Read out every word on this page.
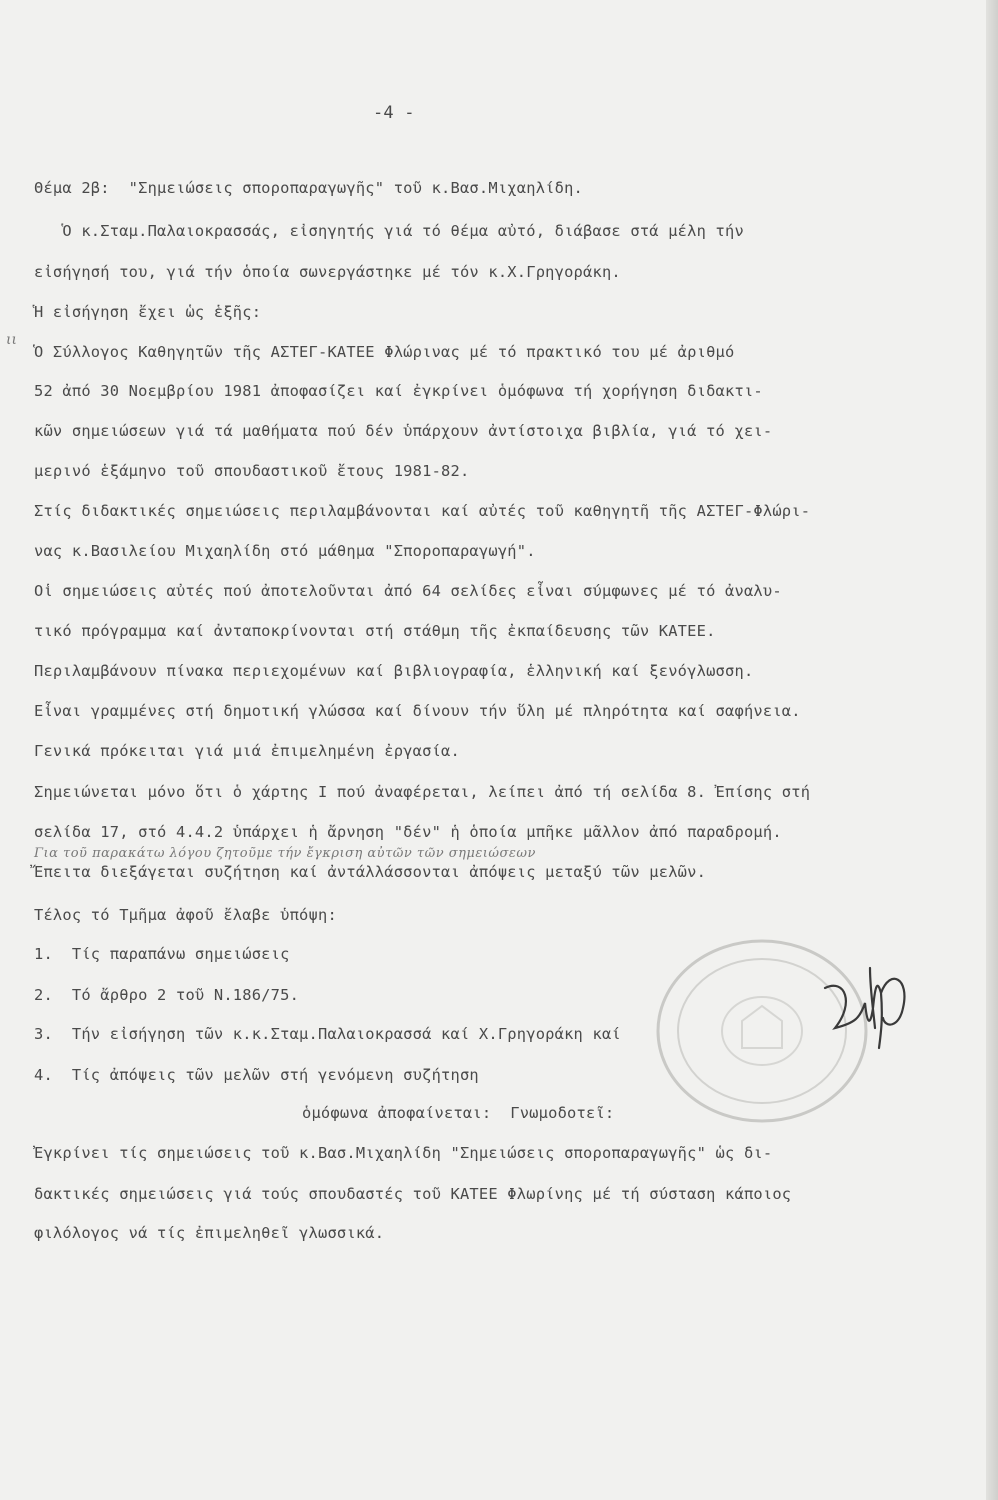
-4 -
ιι
Θέμα 2β:  "Σημειώσεις σποροπαραγωγῆς" τοῦ κ.Βασ.Μιχαηλίδη.
Ὁ κ.Σταμ.Παλαιοκρασσάς, εἰσηγητής γιά τό θέμα αὐτό, διάβασε στά μέλη τήν
εἰσήγησή του, γιά τήν ὁποία σωνεργάστηκε μέ τόν κ.Χ.Γρηγοράκη.
Ἡ εἰσήγηση ἔχει ὡς ἑξῆς:
Ὁ Σύλλογος Καθηγητῶν τῆς ΑΣΤΕΓ-ΚΑΤΕΕ Φλώρινας μέ τό πρακτικό του μέ ἀριθμό
52 ἀπό 30 Νοεμβρίου 1981 ἀποφασίζει καί ἐγκρίνει ὁμόφωνα τή χορήγηση διδακτι-
κῶν σημειώσεων γιά τά μαθήματα πού δέν ὑπάρχουν ἀντίστοιχα βιβλία, γιά τό χει-
μερινό ἑξάμηνο τοῦ σπουδαστικοῦ ἔτους 1981-82.
Στίς διδακτικές σημειώσεις περιλαμβάνονται καί αὐτές τοῦ καθηγητῆ τῆς ΑΣΤΕΓ-Φλώρι-
νας κ.Βασιλείου Μιχαηλίδη στό μάθημα "Σποροπαραγωγή".
Οἱ σημειώσεις αὐτές πού ἀποτελοῦνται ἀπό 64 σελίδες εἶναι σύμφωνες μέ τό ἀναλυ-
τικό πρόγραμμα καί ἀνταποκρίνονται στή στάθμη τῆς ἐκπαίδευσης τῶν ΚΑΤΕΕ.
Περιλαμβάνουν πίνακα περιεχομένων καί βιβλιογραφία, ἑλληνική καί ξενόγλωσση.
Εἶναι γραμμένες στή δημοτική γλώσσα καί δίνουν τήν ὕλη μέ πληρότητα καί σαφήνεια.
Γενικά πρόκειται γιά μιά ἐπιμελημένη ἐργασία.
Σημειώνεται μόνο ὅτι ὁ χάρτης Ι πού ἀναφέρεται, λείπει ἀπό τή σελίδα 8. Ἐπίσης στή
σελίδα 17, στό 4.4.2 ὑπάρχει ἡ ἄρνηση "δέν" ἡ ὁποία μπῆκε μᾶλλον ἀπό παραδρομή.
Για τοῦ παρακάτω λόγου ζητοῦμε τήν ἔγκριση αὐτῶν τῶν σημειώσεων
Ἔπειτα διεξάγεται συζήτηση καί ἀντάλλάσσονται ἀπόψεις μεταξύ τῶν μελῶν.
Τέλος τό Τμῆμα ἀφοῦ ἔλαβε ὑπόψη:
1.  Τίς παραπάνω σημειώσεις
2.  Τό ἄρθρο 2 τοῦ Ν.186/75.
3.  Τήν εἰσήγηση τῶν κ.κ.Σταμ.Παλαιοκρασσά καί Χ.Γρηγοράκη καί
4.  Τίς ἀπόψεις τῶν μελῶν στή γενόμενη συζήτηση
ὁμόφωνα ἀποφαίνεται:  Γνωμοδοτεῖ:
Ἐγκρίνει τίς σημειώσεις τοῦ κ.Βασ.Μιχαηλίδη "Σημειώσεις σποροπαραγωγῆς" ὡς δι-
δακτικές σημειώσεις γιά τούς σπουδαστές τοῦ ΚΑΤΕΕ Φλωρίνης μέ τή σύσταση κάποιος
φιλόλογος νά τίς ἐπιμεληθεῖ γλωσσικά.
